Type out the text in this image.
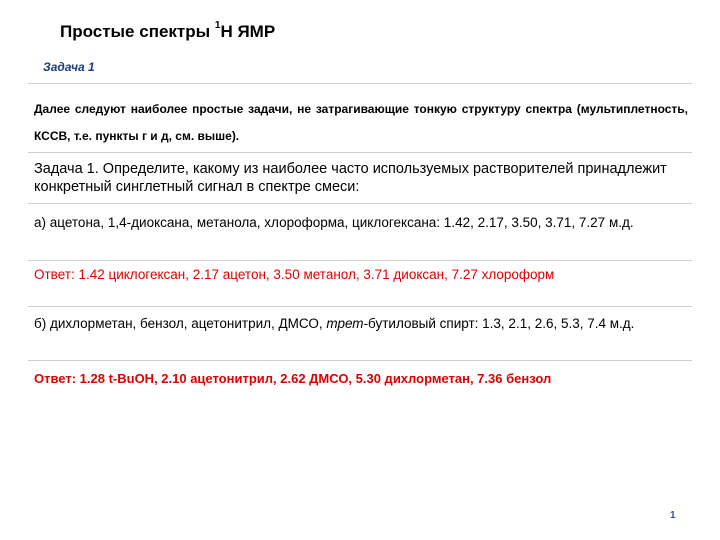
Простые спектры $^1$H ЯМР
Задача 1
Далее следуют наиболее простые задачи, не затрагивающие тонкую структуру спектра (мультиплетность, КССВ, т.е. пункты г и д, см. выше).
Задача 1. Определите, какому из наиболее часто используемых растворителей принадлежит конкретный синглетный сигнал в спектре смеси:
а) ацетона, 1,4-диоксана, метанола, хлороформа, циклогексана: 1.42, 2.17, 3.50, 3.71, 7.27 м.д.
Ответ: 1.42 циклогексан, 2.17 ацетон, 3.50 метанол, 3.71 диоксан, 7.27 хлороформ
б) дихлорметан, бензол, ацетонитрил, ДМСО, трет-бутиловый спирт: 1.3, 2.1, 2.6, 5.3, 7.4 м.д.
Ответ: 1.28 t-BuOH, 2.10 ацетонитрил, 2.62 ДМСО, 5.30 дихлорметан, 7.36 бензол
1
